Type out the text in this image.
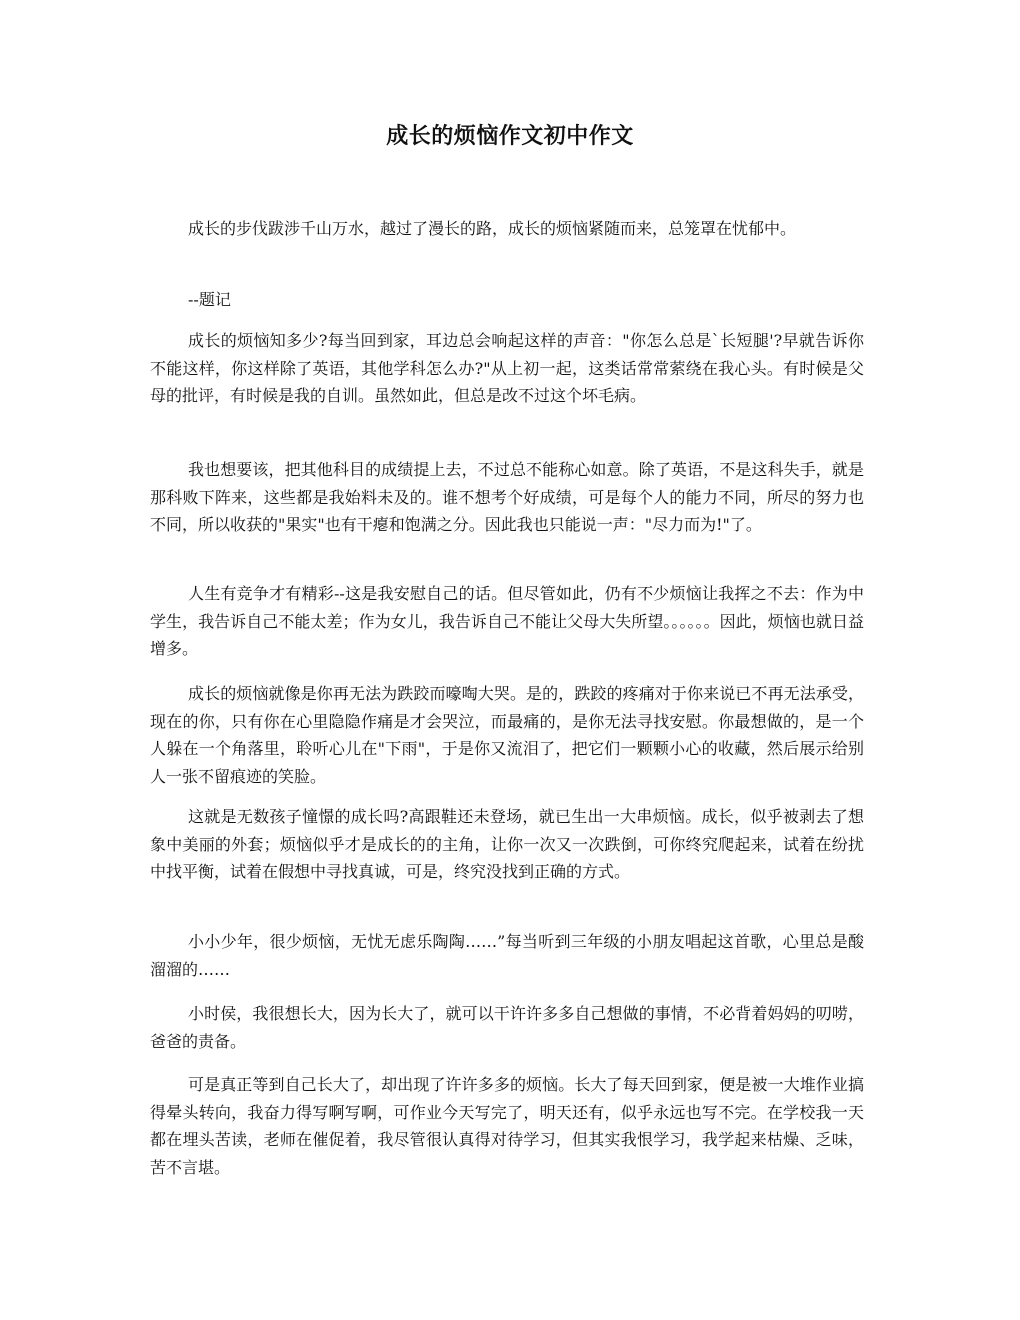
成长的烦恼作文初中作文

成长的步伐跋涉千山万水，越过了漫长的路，成长的烦恼紧随而来，总笼罩在忧郁中。

--题记

成长的烦恼知多少?每当回到家，耳边总会响起这样的声音："你怎么总是`长短腿'?早就告诉你不能这样，你这样除了英语，其他学科怎么办?"从上初一起，这类话常常萦绕在我心头。有时候是父母的批评，有时候是我的自训。虽然如此，但总是改不过这个坏毛病。

我也想要该，把其他科目的成绩提上去，不过总不能称心如意。除了英语，不是这科失手，就是那科败下阵来，这些都是我始料未及的。谁不想考个好成绩，可是每个人的能力不同，所尽的努力也不同，所以收获的"果实"也有干瘪和饱满之分。因此我也只能说一声："尽力而为!"了。

人生有竞争才有精彩--这是我安慰自己的话。但尽管如此，仍有不少烦恼让我挥之不去：作为中学生，我告诉自己不能太差；作为女儿，我告诉自己不能让父母大失所望。。。。。。因此，烦恼也就日益增多。

成长的烦恼就像是你再无法为跌跤而嚎啕大哭。是的，跌跤的疼痛对于你来说已不再无法承受，现在的你，只有你在心里隐隐作痛是才会哭泣，而最痛的，是你无法寻找安慰。你最想做的，是一个人躲在一个角落里，聆听心儿在"下雨"，于是你又流泪了，把它们一颗颗小心的收藏，然后展示给别人一张不留痕迹的笑脸。

这就是无数孩子憧憬的成长吗?高跟鞋还未登场，就已生出一大串烦恼。成长，似乎被剥去了想象中美丽的外套；烦恼似乎才是成长的的主角，让你一次又一次跌倒，可你终究爬起来，试着在纷扰中找平衡，试着在假想中寻找真诚，可是，终究没找到正确的方式。

小小少年，很少烦恼，无忧无虑乐陶陶……”每当听到三年级的小朋友唱起这首歌，心里总是酸溜溜的……

小时侯，我很想长大，因为长大了，就可以干许许多多自己想做的事情，不必背着妈妈的叨唠，爸爸的责备。

可是真正等到自己长大了，却出现了许许多多的烦恼。长大了每天回到家，便是被一大堆作业搞得晕头转向，我奋力得写啊写啊，可作业今天写完了，明天还有，似乎永远也写不完。在学校我一天都在埋头苦读，老师在催促着，我尽管很认真得对待学习，但其实我恨学习，我学起来枯燥、乏味，苦不言堪。
